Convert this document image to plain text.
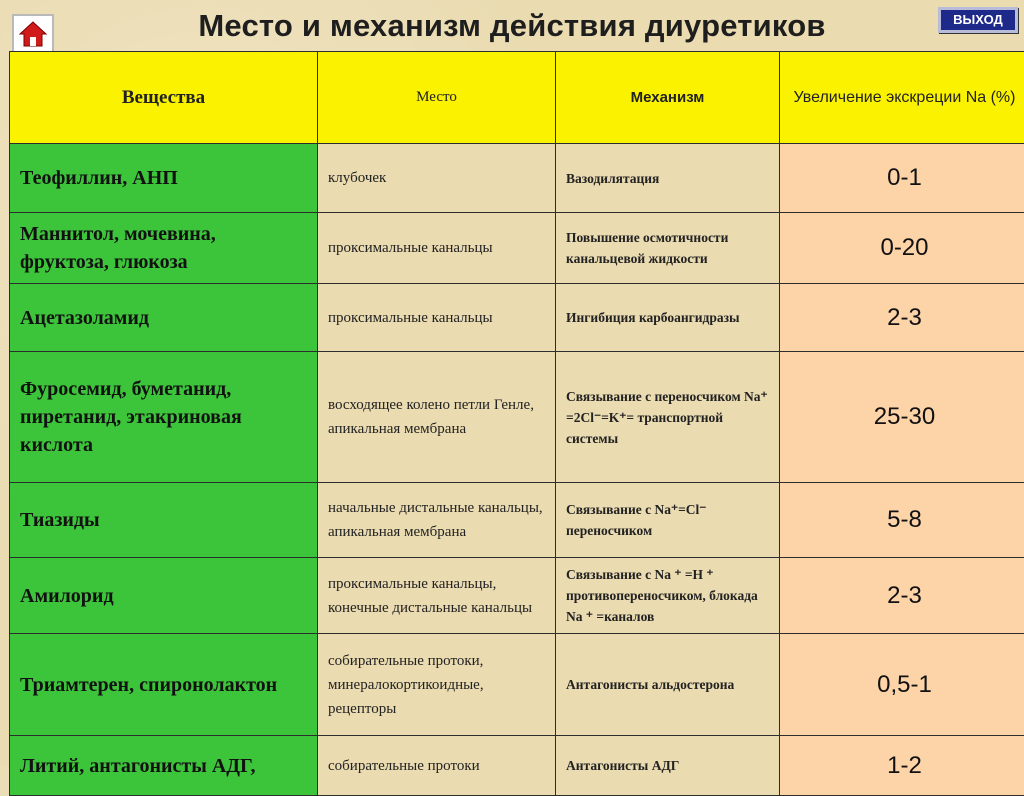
Место и механизм действия диуретиков	ВЫХОД
Вещества	Место	Механизм	Увеличение экскреции Na (%)
Теофиллин, АНП	клубочек	Вазодилятация	0-1
Маннитол, мочевина, фруктоза, глюкоза	проксимальные канальцы	Повышение осмотичности канальцевой жидкости	0-20
Ацетазоламид	проксимальные канальцы	Ингибиция карбоангидразы	2-3
Фуросемид, буметанид, пиретанид, этакриновая кислота	восходящее колено петли Генле, апикальная мембрана	Связывание с переносчиком Na⁺ =2Cl⁻=K⁺= транспортной системы	25-30
Тиазиды	начальные дистальные канальцы, апикальная мембрана	Связывание с Na⁺=Cl⁻ переносчиком	5-8
Амилорид	проксимальные канальцы, конечные дистальные канальцы	Связывание с Na ⁺ =H ⁺ противопереносчиком, блокада Na ⁺ =каналов	2-3
Триамтерен, спиронолактон	собирательные протоки, минералокортикоидные, рецепторы	Антагонисты альдостерона	0,5-1
Литий, антагонисты АДГ,	собирательные протоки	Антагонисты АДГ	1-2
